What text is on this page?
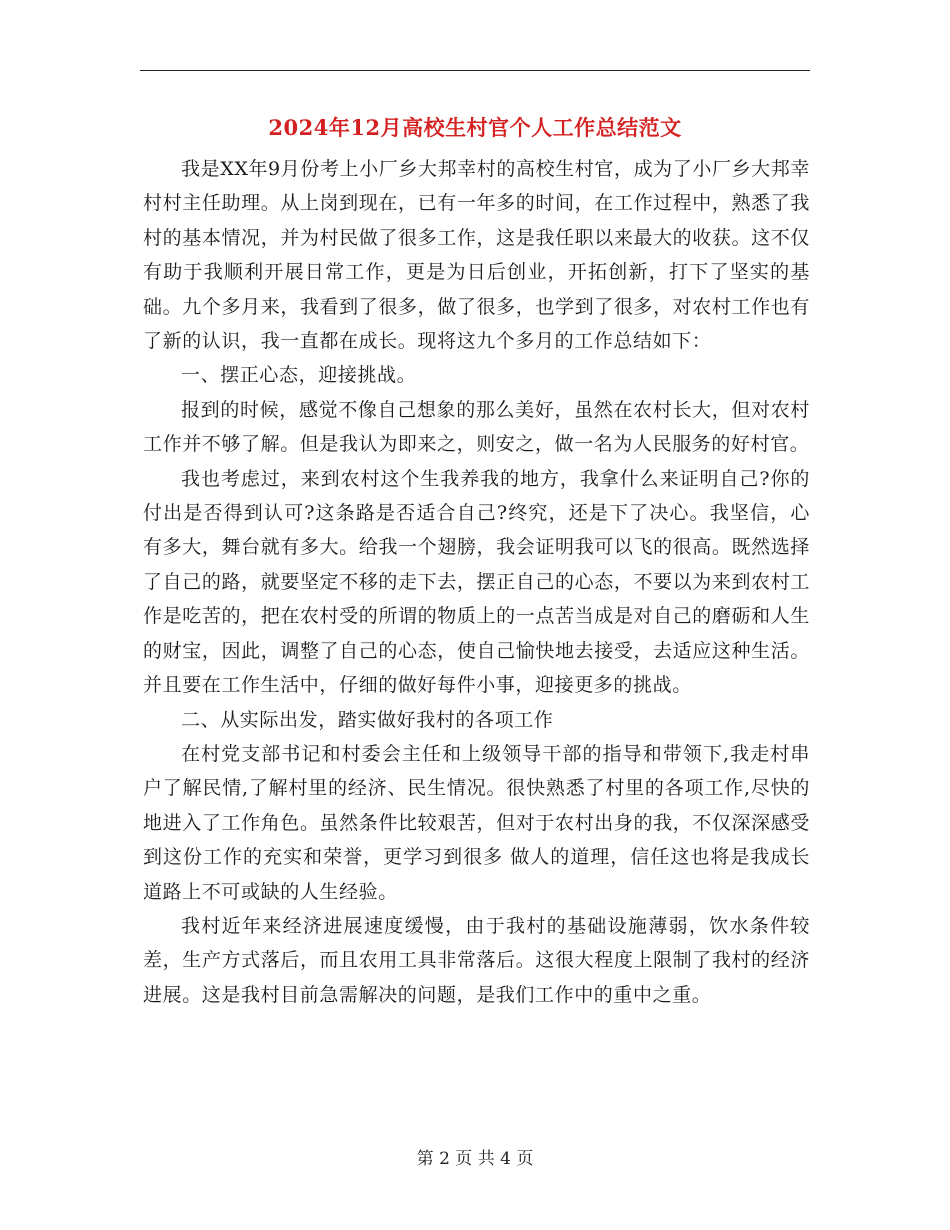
2024年12月高校生村官个人工作总结范文

我是XX年9月份考上小厂乡大邦幸村的高校生村官，成为了小厂乡大邦幸村村主任助理。从上岗到现在，已有一年多的时间，在工作过程中，熟悉了我村的基本情况，并为村民做了很多工作，这是我任职以来最大的收获。这不仅有助于我顺利开展日常工作，更是为日后创业，开拓创新，打下了坚实的基础。九个多月来，我看到了很多，做了很多，也学到了很多，对农村工作也有了新的认识，我一直都在成长。现将这九个多月的工作总结如下：

一、摆正心态，迎接挑战。

报到的时候，感觉不像自己想象的那么美好，虽然在农村长大，但对农村工作并不够了解。但是我认为即来之，则安之，做一名为人民服务的好村官。

我也考虑过，来到农村这个生我养我的地方，我拿什么来证明自己?你的付出是否得到认可?这条路是否适合自己?终究，还是下了决心。我坚信，心有多大，舞台就有多大。给我一个翅膀，我会证明我可以飞的很高。既然选择了自己的路，就要坚定不移的走下去，摆正自己的心态，不要以为来到农村工作是吃苦的，把在农村受的所谓的物质上的一点苦当成是对自己的磨砺和人生的财宝，因此，调整了自己的心态，使自己愉快地去接受，去适应这种生活。并且要在工作生活中，仔细的做好每件小事，迎接更多的挑战。

二、从实际出发，踏实做好我村的各项工作

在村党支部书记和村委会主任和上级领导干部的指导和带领下,我走村串户了解民情,了解村里的经济、民生情况。很快熟悉了村里的各项工作,尽快的地进入了工作角色。虽然条件比较艰苦，但对于农村出身的我，不仅深深感受到这份工作的充实和荣誉，更学习到很多 做人的道理，信任这也将是我成长道路上不可或缺的人生经验。

我村近年来经济进展速度缓慢，由于我村的基础设施薄弱，饮水条件较差，生产方式落后，而且农用工具非常落后。这很大程度上限制了我村的经济进展。这是我村目前急需解决的问题，是我们工作中的重中之重。

第 2 页 共 4 页
